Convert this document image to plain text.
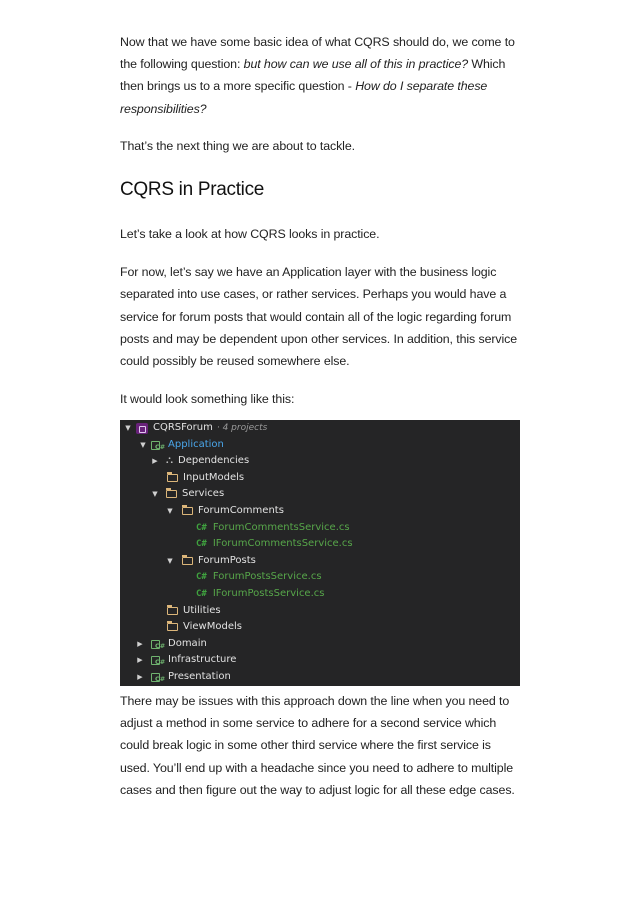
Now that we have some basic idea of what CQRS should do, we come to the following question: but how can we use all of this in practice? Which then brings us to a more specific question - How do I separate these responsibilities?

That’s the next thing we are about to tackle.

CQRS in Practice

Let’s take a look at how CQRS looks in practice.

For now, let’s say we have an Application layer with the business logic separated into use cases, or rather services. Perhaps you would have a service for forum posts that would contain all of the logic regarding forum posts and may be dependent upon other services. In addition, this service could possibly be reused somewhere else.

It would look something like this:

▼ CQRSForum · 4 projects
▼	C# Application
▶ ⛬ Dependencies
InputModels
▼ Services
▼	ForumComments
C# ForumCommentsService.cs
C# IForumCommentsService.cs
▼	ForumPosts
C# ForumPostsService.cs
C# IForumPostsService.cs
Utilities
ViewModels
▶	C# Domain
▶	C# Infrastructure
▶	C# Presentation

There may be issues with this approach down the line when you need to adjust a method in some service to adhere for a second service which could break logic in some other third service where the first service is used. You’ll end up with a headache since you need to adhere to multiple cases and then figure out the way to adjust logic for all these edge cases.
